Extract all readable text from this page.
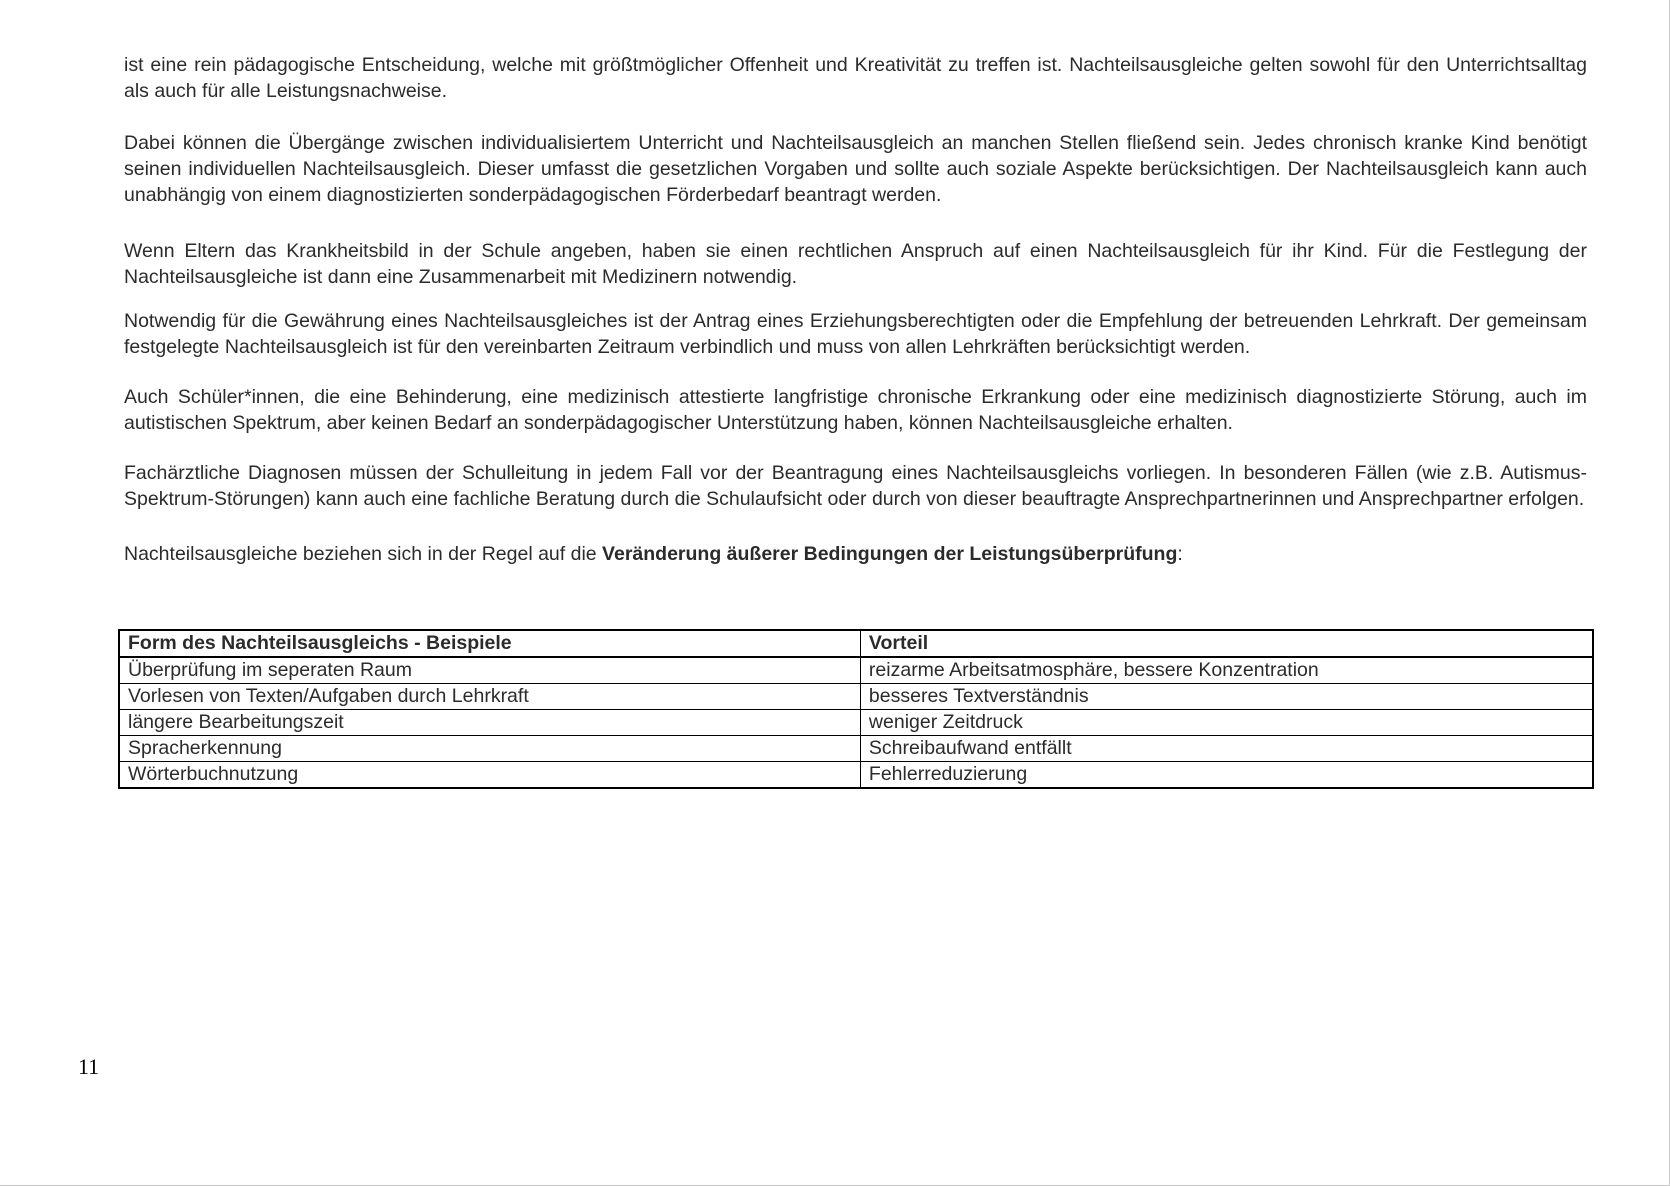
ist eine rein pädagogische Entscheidung, welche mit größtmöglicher Offenheit und Kreativität zu treffen ist. Nachteilsausgleiche gelten sowohl für den Unterrichtsalltag als auch für alle Leistungsnachweise.

Dabei können die Übergänge zwischen individualisiertem Unterricht und Nachteilsausgleich an manchen Stellen fließend sein. Jedes chronisch kranke Kind benötigt seinen individuellen Nachteilsausgleich. Dieser umfasst die gesetzlichen Vorgaben und sollte auch soziale Aspekte berücksichtigen. Der Nachteilsausgleich kann auch unabhängig von einem diagnostizierten sonderpädagogischen Förderbedarf beantragt werden.

Wenn Eltern das Krankheitsbild in der Schule angeben, haben sie einen rechtlichen Anspruch auf einen Nachteilsausgleich für ihr Kind. Für die Festlegung der Nachteilsausgleiche ist dann eine Zusammenarbeit mit Medizinern notwendig.

Notwendig für die Gewährung eines Nachteilsausgleiches ist der Antrag eines Erziehungsberechtigten oder die Empfehlung der betreuenden Lehrkraft. Der gemeinsam festgelegte Nachteilsausgleich ist für den vereinbarten Zeitraum verbindlich und muss von allen Lehrkräften berücksichtigt werden.

Auch Schüler*innen, die eine Behinderung, eine medizinisch attestierte langfristige chronische Erkrankung oder eine medizinisch diagnostizierte Störung, auch im autistischen Spektrum, aber keinen Bedarf an sonderpädagogischer Unterstützung haben, können Nachteilsausgleiche erhalten.

Fachärztliche Diagnosen müssen der Schulleitung in jedem Fall vor der Beantragung eines Nachteilsausgleichs vorliegen. In besonderen Fällen (wie z.B. Autismus-Spektrum-Störungen) kann auch eine fachliche Beratung durch die Schulaufsicht oder durch von dieser beauftragte Ansprechpartnerinnen und Ansprechpartner erfolgen.

Nachteilsausgleiche beziehen sich in der Regel auf die Veränderung äußerer Bedingungen der Leistungsüberprüfung:

Form des Nachteilsausgleichs - Beispiele	Vorteil
Überprüfung im seperaten Raum	reizarme Arbeitsatmosphäre, bessere Konzentration
Vorlesen von Texten/Aufgaben durch Lehrkraft	besseres Textverständnis
längere Bearbeitungszeit	weniger Zeitdruck
Spracherkennung	Schreibaufwand entfällt
Wörterbuchnutzung	Fehlerreduzierung
11
